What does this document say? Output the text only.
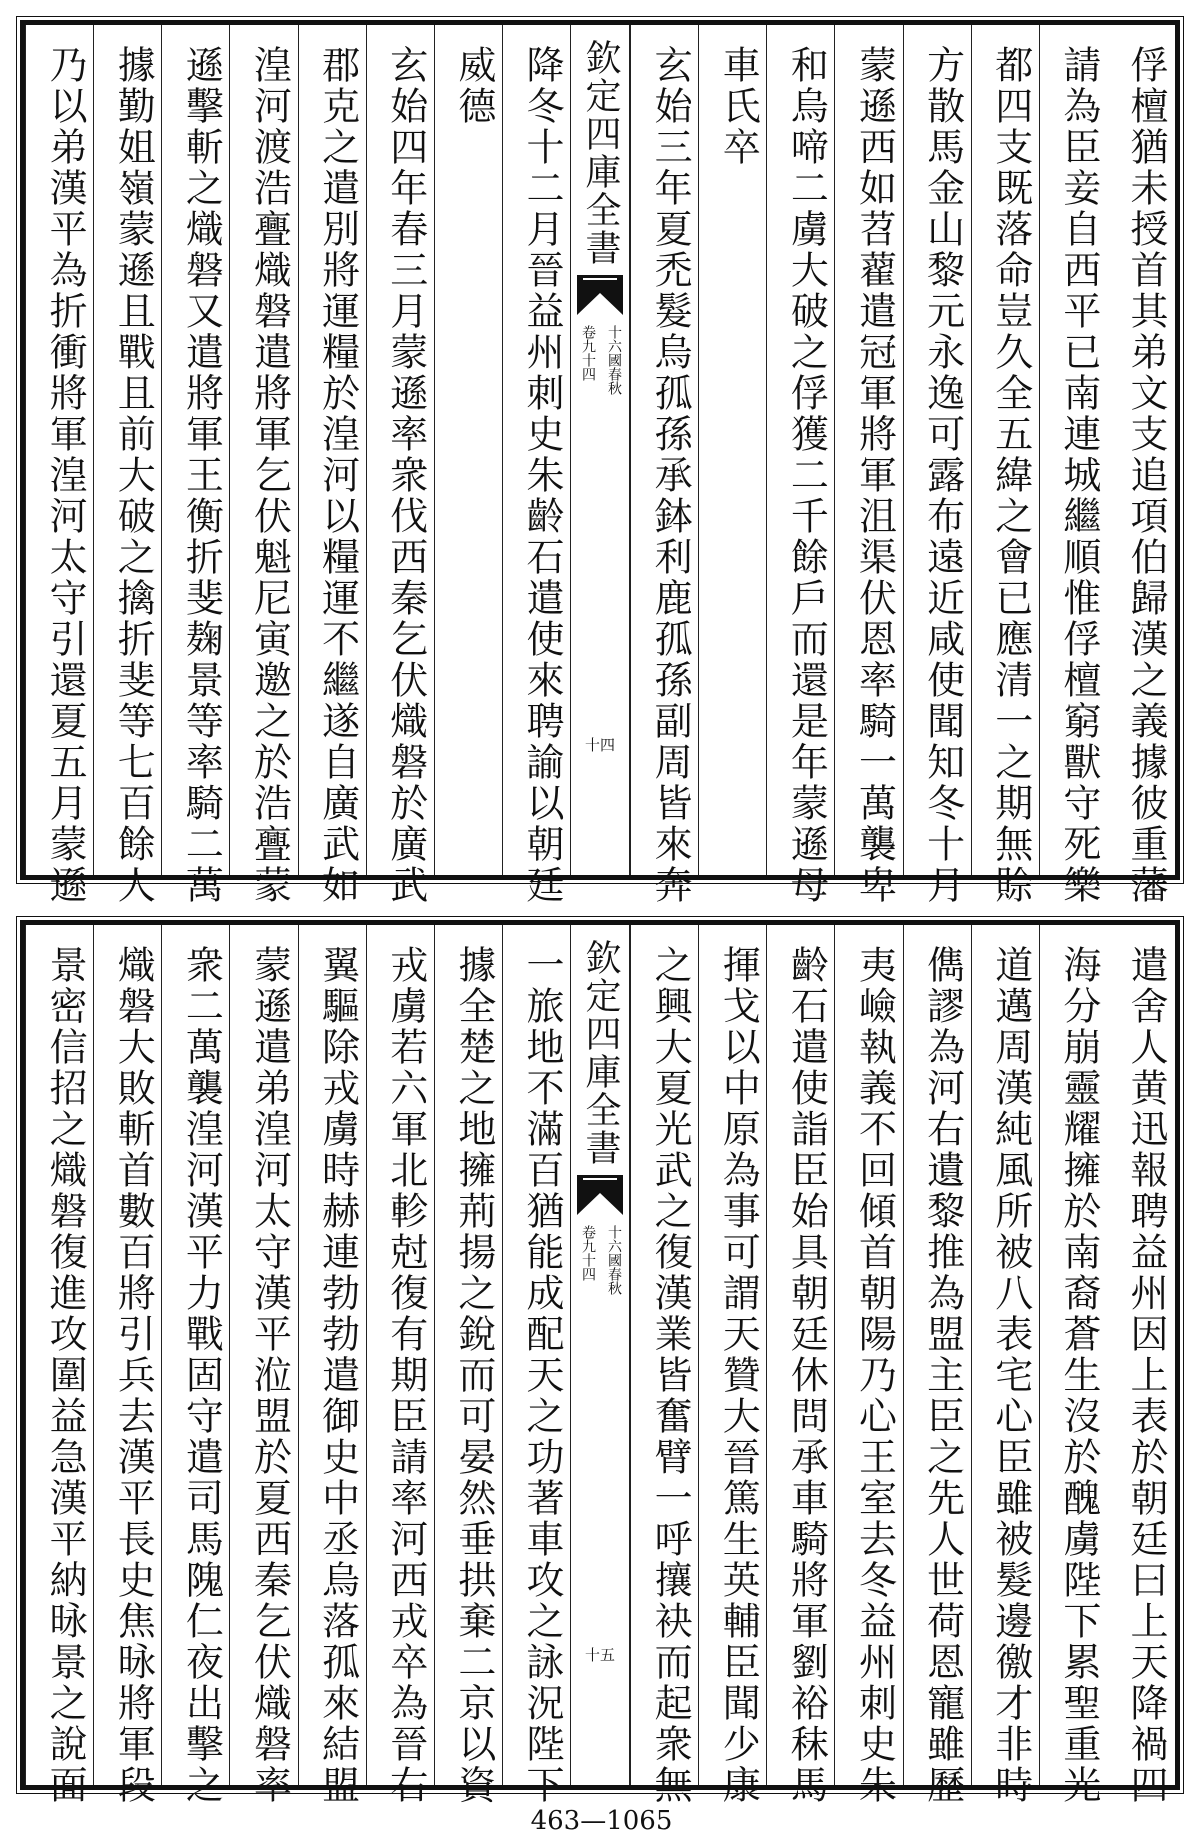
俘檀猶未授首其弟文支追項伯歸漢之義據彼重藩
請為臣妾自西平已南連城繼順惟俘檀窮獸守死樂
都四支既落命豈久全五緯之會已應清一之期無賒
方散馬金山黎元永逸可露布遠近咸使聞知冬十月
蒙遜西如苕藋遣冠軍將軍沮渠伏恩率騎一萬襲卑
和烏啼二虜大破之俘獲二千餘戶而還是年蒙遜母
車氏卒
玄始三年夏禿髮烏孤孫承鉢利鹿孤孫副周皆來奔
欽定四庫全書
十六國春秋
卷九十四
十四
降冬十二月晉益州刺史朱齡石遣使來聘諭以朝廷
威德
玄始四年春三月蒙遜率衆伐西秦乞伏熾磐於廣武
郡克之遣別將運糧於湟河以糧運不繼遂自廣武如
湟河渡浩亹熾磐遣將軍乞伏魁尼寅邀之於浩亹蒙
遜擊斬之熾磐又遣將軍王衡折斐麹景等率騎二萬
據勤姐嶺蒙遜且戰且前大破之擒折斐等七百餘人
乃以弟漢平為折衝將軍湟河太守引還夏五月蒙遜
遣舍人黄迅報聘益州因上表於朝廷曰上天降禍四
海分崩靈耀擁於南裔蒼生沒於醜虜陛下累聖重光
道邁周漢純風所被八表宅心臣雖被髮邊徼才非時
儁謬為河右遺黎推為盟主臣之先人世荷恩寵雖歷
夷嶮執義不回傾首朝陽乃心王室去冬益州刺史朱
齡石遣使詣臣始具朝廷休問承車騎將軍劉裕秣馬
揮戈以中原為事可謂天贊大晉篤生英輔臣聞少康
之興大夏光武之復漢業皆奮臂一呼攘袂而起衆無
欽定四庫全書
十六國春秋
卷九十四
十五
一旅地不滿百猶能成配天之功著車攻之詠況陛下
據全楚之地擁荊揚之銳而可晏然垂拱棄二京以資
戎虜若六軍北軫尅復有期臣請率河西戎卒為晉右
翼驅除戎虜時赫連勃勃遣御史中丞烏落孤來結盟
蒙遜遣弟湟河太守漢平涖盟於夏西秦乞伏熾磐率
衆二萬襲湟河漢平力戰固守遣司馬隗仁夜出擊之
熾磐大敗斬首數百將引兵去漢平長史焦昹將軍段
景密信招之熾磐復進攻圍益急漢平納昹景之說面
463—1065
